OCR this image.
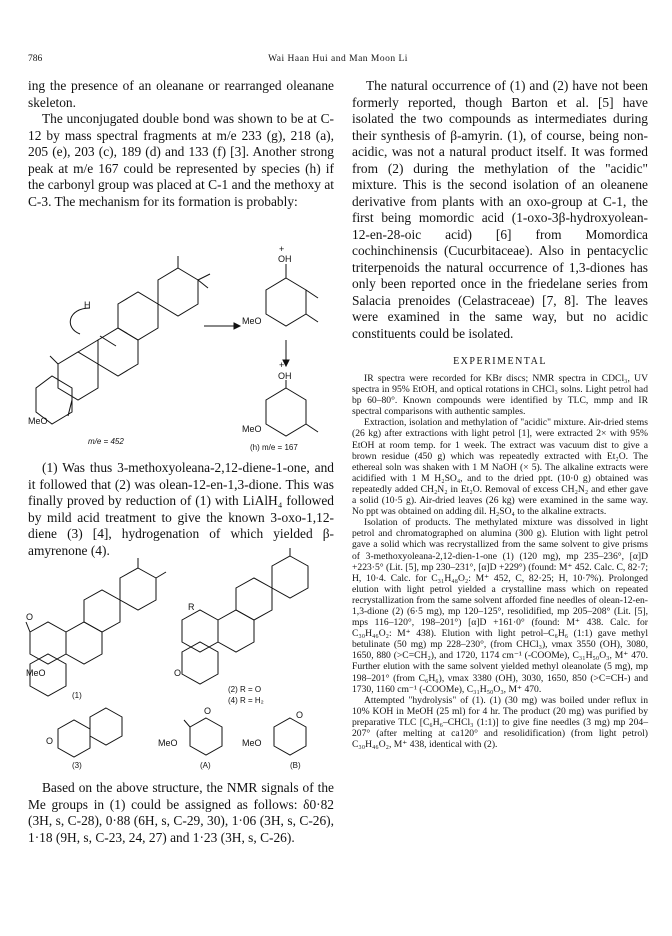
786	Wai Haan Hui and Man Moon Li

ing the presence of an oleanane or rearranged oleanane skeleton.

The unconjugated double bond was shown to be at C-12 by mass spectral fragments at m/e 233 (g), 218 (a), 205 (e), 203 (c), 189 (d) and 133 (f) [3]. Another strong peak at m/e 167 could be represented by species (h) if the carbonyl group was placed at C-1 and the methoxy at C-3. The mechanism for its formation is probably:

H
MeO
m/e = 452
OH
+
MeO
+
OH
MeO
(h) m/e = 167

(1) Was thus 3-methoxyoleana-2,12-diene-1-one, and it followed that (2) was olean-12-en-1,3-dione. This was finally proved by reduction of (1) with LiAlH₄ followed by mild acid treatment to give the known 3-oxo-1,12-diene (3) [4], hydrogenation of which yielded β-amyrenone (4).

O
MeO
(1)
R
O
(2) R = O
(4) R = H₂
O
(3)
O
MeO
(A)
O
MeO
(B)

Based on the above structure, the NMR signals of the Me groups in (1) could be assigned as follows: δ0·82 (3H, s, C-28), 0·88 (6H, s, C-29, 30), 1·06 (3H, s, C-26), 1·18 (9H, s, C-23, 24, 27) and 1·23 (3H, s, C-26).

The natural occurrence of (1) and (2) have not been formerly reported, though Barton et al. [5] have isolated the two compounds as intermediates during their synthesis of β-amyrin. (1), of course, being non-acidic, was not a natural product itself. It was formed from (2) during the methylation of the "acidic" mixture. This is the second isolation of an oleanene derivative from plants with an oxo-group at C-1, the first being momordic acid (1-oxo-3β-hydroxyolean-12-en-28-oic acid) [6] from Momordica cochinchinensis (Cucurbitaceae). Also in pentacyclic triterpenoids the natural occurrence of 1,3-diones has only been reported once in the friedelane series from Salacia prenoides (Celastraceae) [7, 8]. The leaves were examined in the same way, but no acidic constituents could be isolated.

EXPERIMENTAL

IR spectra were recorded for KBr discs; NMR spectra in CDCl₃, UV spectra in 95% EtOH, and optical rotations in CHCl₃ solns. Light petrol had bp 60–80°. Known compounds were identified by TLC, mmp and IR spectral comparisons with authentic samples.

Extraction, isolation and methylation of "acidic" mixture. Air-dried stems (26 kg) after extractions with light petrol [1], were extracted 2× with 95% EtOH at room temp. for 1 week. The extract was vacuum dist to give a brown residue (450 g) which was repeatedly extracted with Et₂O. The ethereal soln was shaken with 1 M NaOH (× 5). The alkaline extracts were acidified with 1 M H₂SO₄, and to the dried ppt. (10·0 g) obtained was repeatedly added CH₂N₂ in Et₂O. Removal of excess CH₂N₂ and ether gave a solid (10·5 g). Air-dried leaves (26 kg) were examined in the same way. No ppt was obtained on adding dil. H₂SO₄ to the alkaline extracts.

Isolation of products. The methylated mixture was dissolved in light petrol and chromatographed on alumina (300 g). Elution with light petrol gave a solid which was recrystallized from the same solvent to give prisms of 3-methoxyoleana-2,12-dien-1-one (1) (120 mg), mp 235–236°, [α]D +223·5° (Lit. [5], mp 230–231°, [α]D +229°) (found: M⁺ 452. Calc. C, 82·7; H, 10·4. Calc. for C₃₁H₄₈O₂: M⁺ 452, C, 82·25; H, 10·7%). Prolonged elution with light petrol yielded a crystalline mass which on repeated recrystallization from the same solvent afforded fine needles of olean-12-en-1,3-dione (2) (6·5 mg), mp 120–125°, resolidified, mp 205–208° (Lit. [5], mps 116–120°, 198–201°) [α]D +161·0° (found: M⁺ 438. Calc. for C₃₀H₄₆O₂: M⁺ 438). Elution with light petrol–C₆H₆ (1:1) gave methyl betulinate (50 mg) mp 228–230°, (from CHCl₃), νmax 3550 (OH), 3080, 1650, 880 (>C=CH₂), and 1720, 1174 cm⁻¹ (-COOMe), C₃₁H₅₀O₃, M⁺ 470. Further elution with the same solvent yielded methyl oleanolate (5 mg), mp 198–201° (from C₆H₆), νmax 3380 (OH), 3030, 1650, 850 (>C=CH-) and 1730, 1160 cm⁻¹ (-COOMe), C₃₁H₅₀O₃, M⁺ 470.

Attempted "hydrolysis" of (1). (1) (30 mg) was boiled under reflux in 10% KOH in MeOH (25 ml) for 4 hr. The product (20 mg) was purified by preparative TLC [C₆H₆–CHCl₃ (1:1)] to give fine needles (3 mg) mp 204–207° (after melting at ca120° and resolidification) (from light petrol) C₃₀H₄₆O₂, M⁺ 438, identical with (2).
